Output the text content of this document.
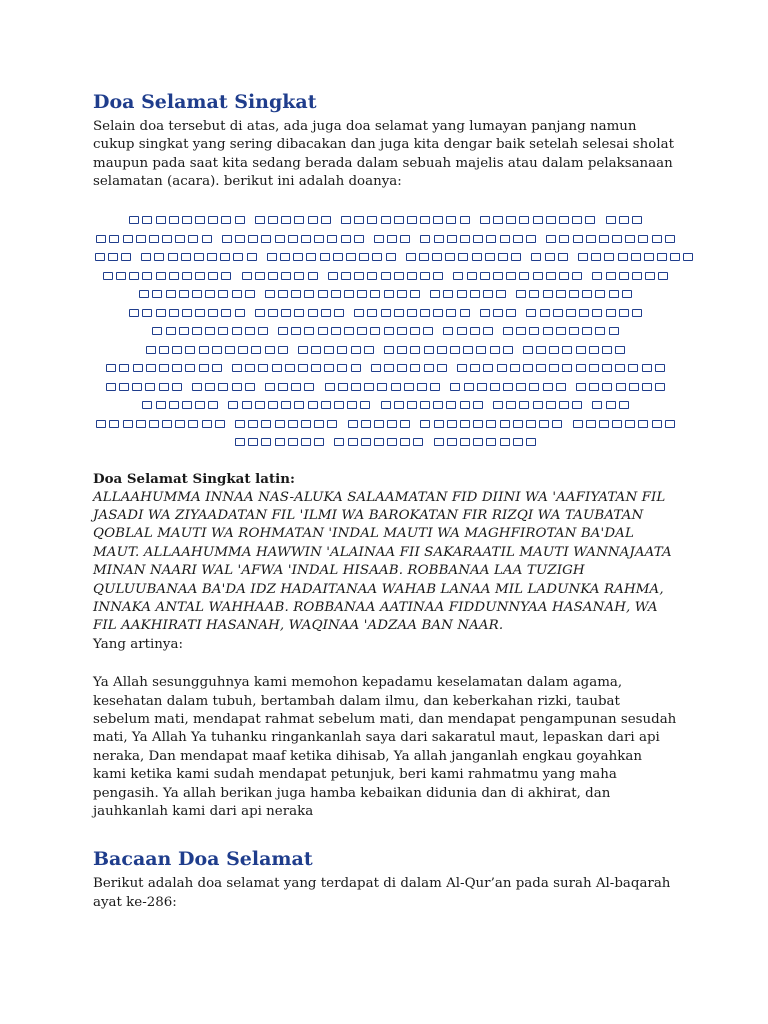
Doa Selamat Singkat

Selain doa tersebut di atas, ada juga doa selamat yang lumayan panjang namun cukup singkat yang sering dibacakan dan juga kita dengar baik setelah selesai sholat maupun pada saat kita sedang berada dalam sebuah majelis atau dalam pelaksanaan selamatan (acara). berikut ini adalah doanya:

Doa Selamat Singkat latin:

ALLAAHUMMA INNAA NAS-ALUKA SALAAMATAN FID DIINI WA 'AAFIYATAN FIL JASADI WA ZIYAADATAN FIL 'ILMI WA BAROKATAN FIR RIZQI WA TAUBATAN QOBLAL MAUTI WA ROHMATAN 'INDAL MAUTI WA MAGHFIROTAN BA'DAL MAUT. ALLAAHUMMA HAWWIN 'ALAINAA FII SAKARAATIL MAUTI WANNAJAATA MINAN NAARI WAL 'AFWA 'INDAL HISAAB. ROBBANAA LAA TUZIGH QULUUBANAA BA'DA IDZ HADAITANAA WAHAB LANAA MIL LADUNKA RAHMA, INNAKA ANTAL WAHHAAB. ROBBANAA AATINAA FIDDUNNYAA HASANAH, WA FIL AAKHIRATI HASANAH, WAQINAA 'ADZAA BAN NAAR.

Yang artinya:

Ya Allah sesungguhnya kami memohon kepadamu keselamatan dalam agama, kesehatan dalam tubuh, bertambah dalam ilmu, dan keberkahan rizki, taubat sebelum mati, mendapat rahmat sebelum mati, dan mendapat pengampunan sesudah mati, Ya Allah Ya tuhanku ringankanlah saya dari sakaratul maut, lepaskan dari api neraka, Dan mendapat maaf ketika dihisab, Ya allah janganlah engkau goyahkan kami ketika kami sudah mendapat petunjuk, beri kami rahmatmu yang maha pengasih. Ya allah berikan juga hamba kebaikan didunia dan di akhirat, dan jauhkanlah kami dari api neraka

Bacaan Doa Selamat

Berikut adalah doa selamat yang terdapat di dalam Al-Qur’an pada surah Al-baqarah ayat ke-286:
